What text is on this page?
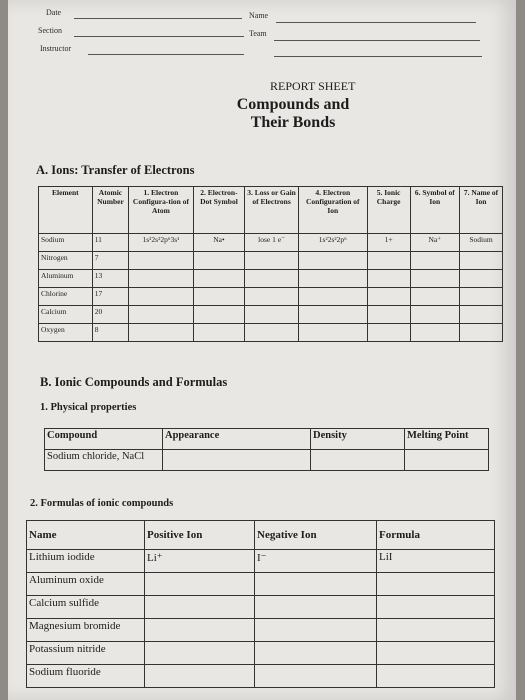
Date
Section
Instructor
Name
Team
REPORT SHEET
Compounds and
Their Bonds
A. Ions: Transfer of Electrons
Element	Atomic Number	1. Electron Configura-tion of Atom	2. Electron-Dot Symbol	3. Loss or Gain of Electrons	4. Electron Configuration of Ion	5. Ionic Charge	6. Symbol of Ion	7. Name of Ion
Sodium	11	1s²2s²2p⁶3s¹	Na•	lose 1 e⁻	1s²2s²2p⁶	1+	Na⁺	Sodium
Nitrogen	7							
Aluminum	13							
Chlorine	17							
Calcium	20							
Oxygen	8							
B. Ionic Compounds and Formulas
1. Physical properties
Compound	Appearance	Density	Melting Point
Sodium chloride, NaCl			
2. Formulas of ionic compounds
Name	Positive Ion	Negative Ion	Formula
Lithium iodide	Li⁺	I⁻	LiI
Aluminum oxide			
Calcium sulfide			
Magnesium bromide			
Potassium nitride			
Sodium fluoride			
